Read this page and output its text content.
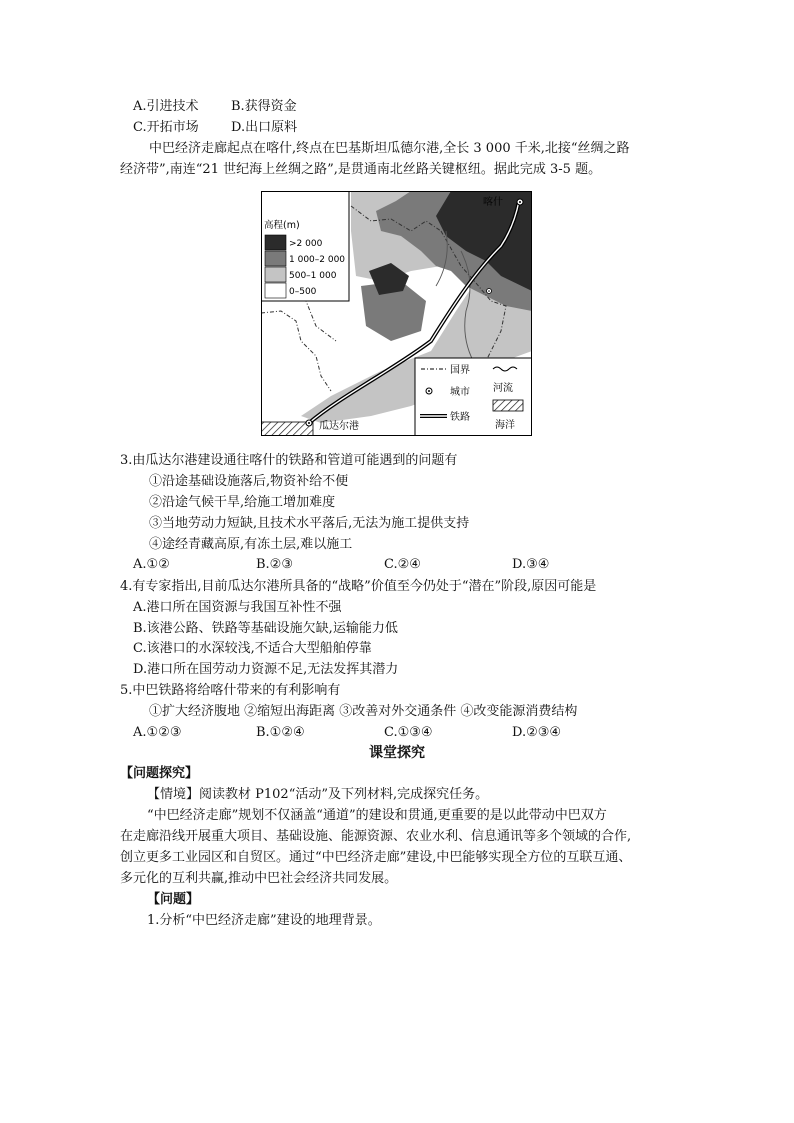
A.引进技术 B.获得资金
C.开拓市场 D.出口原料
中巴经济走廊起点在喀什,终点在巴基斯坦瓜德尔港,全长 3 000 千米,北接“丝绸之路
经济带”,南连“21 世纪海上丝绸之路”,是贯通南北丝路关键枢纽。据此完成 3-5 题。
喀什
瓜达尔港
高程(m)
>2 000
1 000–2 000
500–1 000
0–500
国界
河流
城市
铁路
海洋
3.由瓜达尔港建设通往喀什的铁路和管道可能遇到的问题有
①沿途基础设施落后,物资补给不便
②沿途气候干旱,给施工增加难度
③当地劳动力短缺,且技术水平落后,无法为施工提供支持
④途经青藏高原,有冻土层,难以施工
A.①②	B.②③	C.②④	D.③④
4.有专家指出,目前瓜达尔港所具备的“战略”价值至今仍处于“潜在”阶段,原因可能是
A.港口所在国资源与我国互补性不强
B.该港公路、铁路等基础设施欠缺,运输能力低
C.该港口的水深较浅,不适合大型船舶停靠
D.港口所在国劳动力资源不足,无法发挥其潜力
5.中巴铁路将给喀什带来的有利影响有
①扩大经济腹地 ②缩短出海距离 ③改善对外交通条件 ④改变能源消费结构
A.①②③	B.①②④	C.①③④	D.②③④
课堂探究
【问题探究】
【情境】阅读教材 P102“活动”及下列材料,完成探究任务。
“中巴经济走廊”规划不仅涵盖“通道”的建设和贯通,更重要的是以此带动中巴双方
在走廊沿线开展重大项目、基础设施、能源资源、农业水利、信息通讯等多个领域的合作,
创立更多工业园区和自贸区。通过“中巴经济走廊”建设,中巴能够实现全方位的互联互通、
多元化的互利共赢,推动中巴社会经济共同发展。
【问题】
1.分析“中巴经济走廊”建设的地理背景。
